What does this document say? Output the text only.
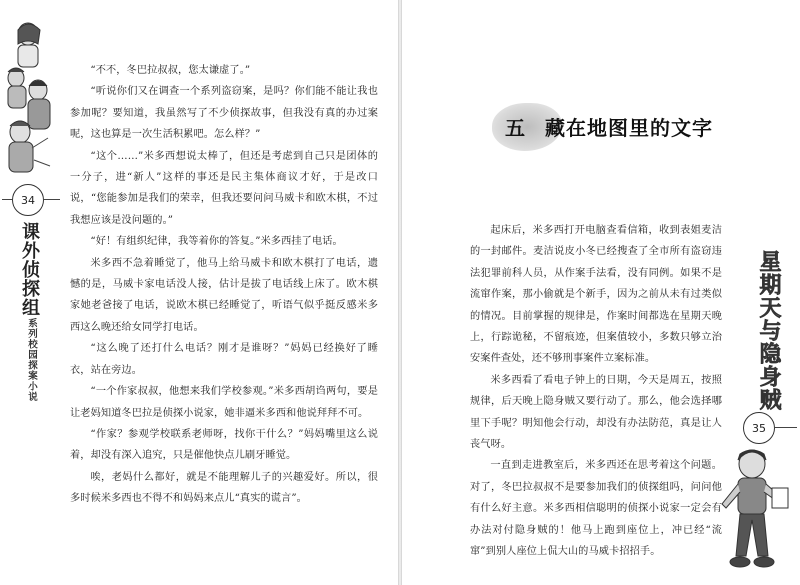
34
课外侦探组
系列校园探案小说

“不不，冬巴拉叔叔，您太谦虚了。”

“听说你们又在调查一个系列盗窃案，是吗？你们能不能让我也参加呢？要知道，我虽然写了不少侦探故事，但我没有真的办过案呢，这也算是一次生活积累吧。怎么样？”

“这个……”米多西想说太棒了，但还是考虑到自己只是团体的一分子，进“新人”这样的事还是民主集体商议才好，于是改口说，“您能参加是我们的荣幸，但我还要问问马威卡和欧木棋，不过我想应该是没问题的。”

“好！有组织纪律，我等着你的答复。”米多西挂了电话。

米多西不急着睡觉了，他马上给马威卡和欧木棋打了电话，遗憾的是，马威卡家电话没人接，估计是拔了电话线上床了。欧木棋家她老爸接了电话，说欧木棋已经睡觉了，听语气似乎挺反感米多西这么晚还给女同学打电话。

“这么晚了还打什么电话？刚才是谁呀？”妈妈已经换好了睡衣，站在旁边。

“一个作家叔叔，他想来我们学校参观。”米多西胡诌两句，要是让老妈知道冬巴拉是侦探小说家，她非逼米多西和他说拜拜不可。

“作家？参观学校联系老师呀，找你干什么？”妈妈嘴里这么说着，却没有深入追究，只是催他快点儿刷牙睡觉。

唉，老妈什么都好，就是不能理解儿子的兴趣爱好。所以，很多时候米多西也不得不和妈妈来点儿“真实的谎言”。

五 藏在地图里的文字
星期天与隐身贼
35

起床后，米多西打开电脑查看信箱，收到表姐麦洁的一封邮件。麦洁说皮小冬已经搜查了全市所有盗窃违法犯罪前科人员，从作案手法看，没有同例。如果不是流窜作案，那小偷就是个新手，因为之前从未有过类似的情况。目前掌握的规律是，作案时间都选在星期天晚上，行踪诡秘，不留痕迹，但案值较小，多数只够立治安案件查处，还不够刑事案件立案标准。

米多西看了看电子钟上的日期，今天是周五，按照规律，后天晚上隐身贼又要行动了。那么，他会选择哪里下手呢？明知他会行动，却没有办法防范，真是让人丧气呀。

一直到走进教室后，米多西还在思考着这个问题。对了，冬巴拉叔叔不是要参加我们的侦探组吗，问问他有什么好主意。米多西相信聪明的侦探小说家一定会有办法对付隐身贼的！他马上跑到座位上，冲已经“流窜”到别人座位上侃大山的马威卡招招手。
